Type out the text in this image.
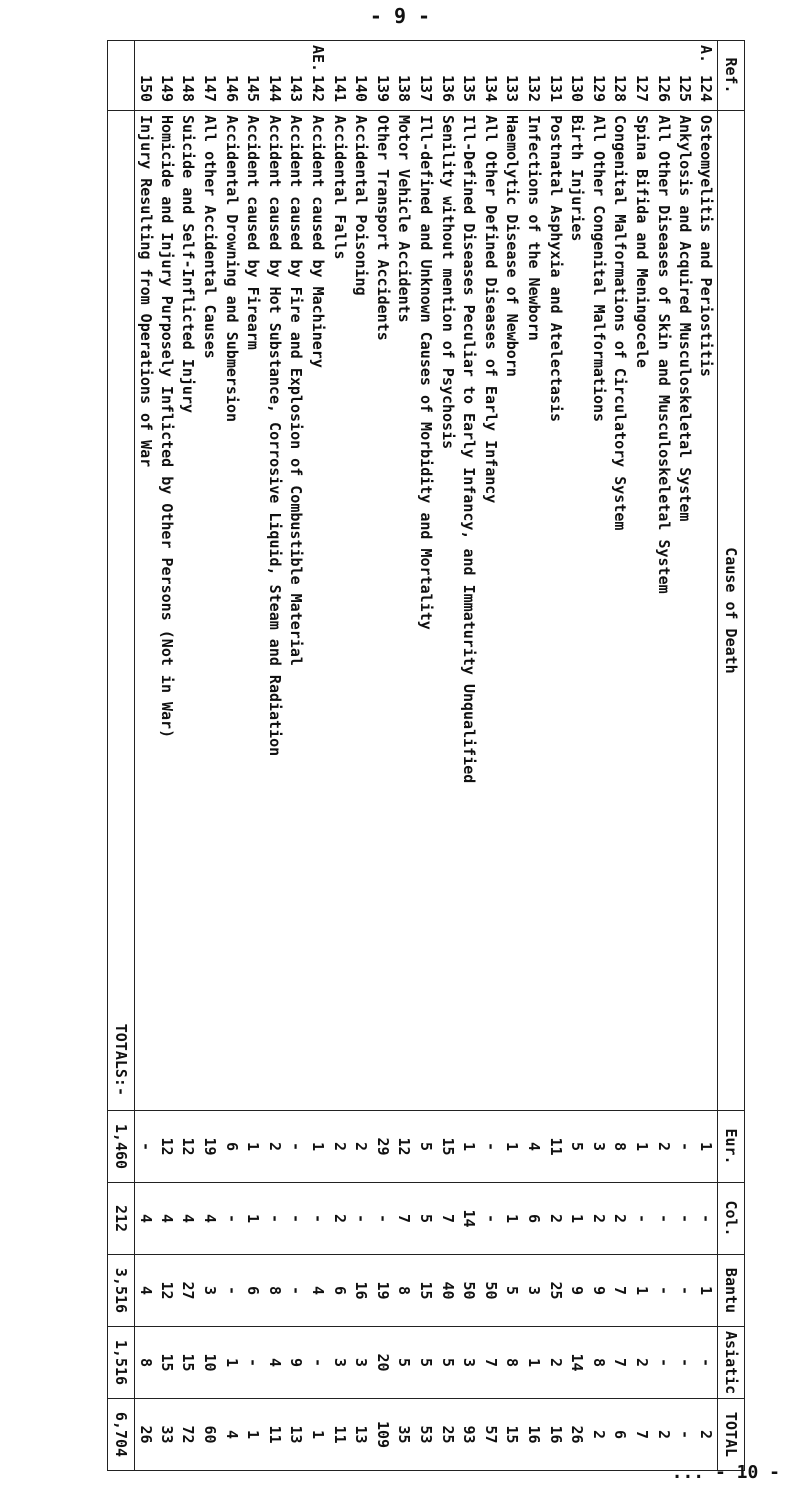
- 9 -
Ref.	Cause of Death	Eur.	Col.	Bantu	Asiatic	TOTAL
A.124	Osteomyelitis and Periostitis	1	-	1	-	2
125	Ankylosis and Acquired Musculoskeletal System	-	-	-	-	-
126	All Other Diseases of Skin and Musculoskeletal System	2	-	-	-	2
127	Spina Bifida and Meningocele	1	-	1	2	7
128	Congenital Malformations of Circulatory System	8	2	7	7	6
129	All Other Congenital Malformations	3	2	9	8	2
130	Birth Injuries	5	1	9	14	26
131	Postnatal Asphyxia and Atelectasis	11	2	25	2	16
132	Infections of the Newborn	4	6	3	1	16
133	Haemolytic Disease of Newborn	1	1	5	8	15
134	All Other Defined Diseases of Early Infancy	-	-	50	7	57
135	Ill-Defined Diseases Peculiar to Early Infancy, and Immaturity Unqualified	1	14	50	3	93
136	Senility without mention of Psychosis	15	7	40	5	25
137	Ill-defined and Unknown Causes of Morbidity and Mortality	5	5	15	5	53
138	Motor Vehicle Accidents	12	7	8	5	35
139	Other Transport Accidents	29	-	19	20	109
140	Accidental Poisoning	2	-	16	3	13
141	Accidental Falls	2	2	6	3	11
AE.142	Accident caused by Machinery	1	-	4	-	1
143	Accident caused by Fire and Explosion of Combustible Material	-	-	-	9	13
144	Accident caused by Hot Substance, Corrosive Liquid, Steam and Radiation	2	-	8	4	11
145	Accident caused by Firearm	1	1	6	-	1
146	Accidental Drowning and Submersion	6	-	-	1	4
147	All other Accidental Causes	19	4	3	10	60
148	Suicide and Self-Inflicted Injury	12	4	27	15	72
149	Homicide and Injury Purposely Inflicted by Other Persons (Not in War)	12	4	12	15	33
150	Injury Resulting from Operations of War	-	4	4	8	26
	TOTALS:-	1,460	212	3,516	1,516	6,704
... - 10 -
